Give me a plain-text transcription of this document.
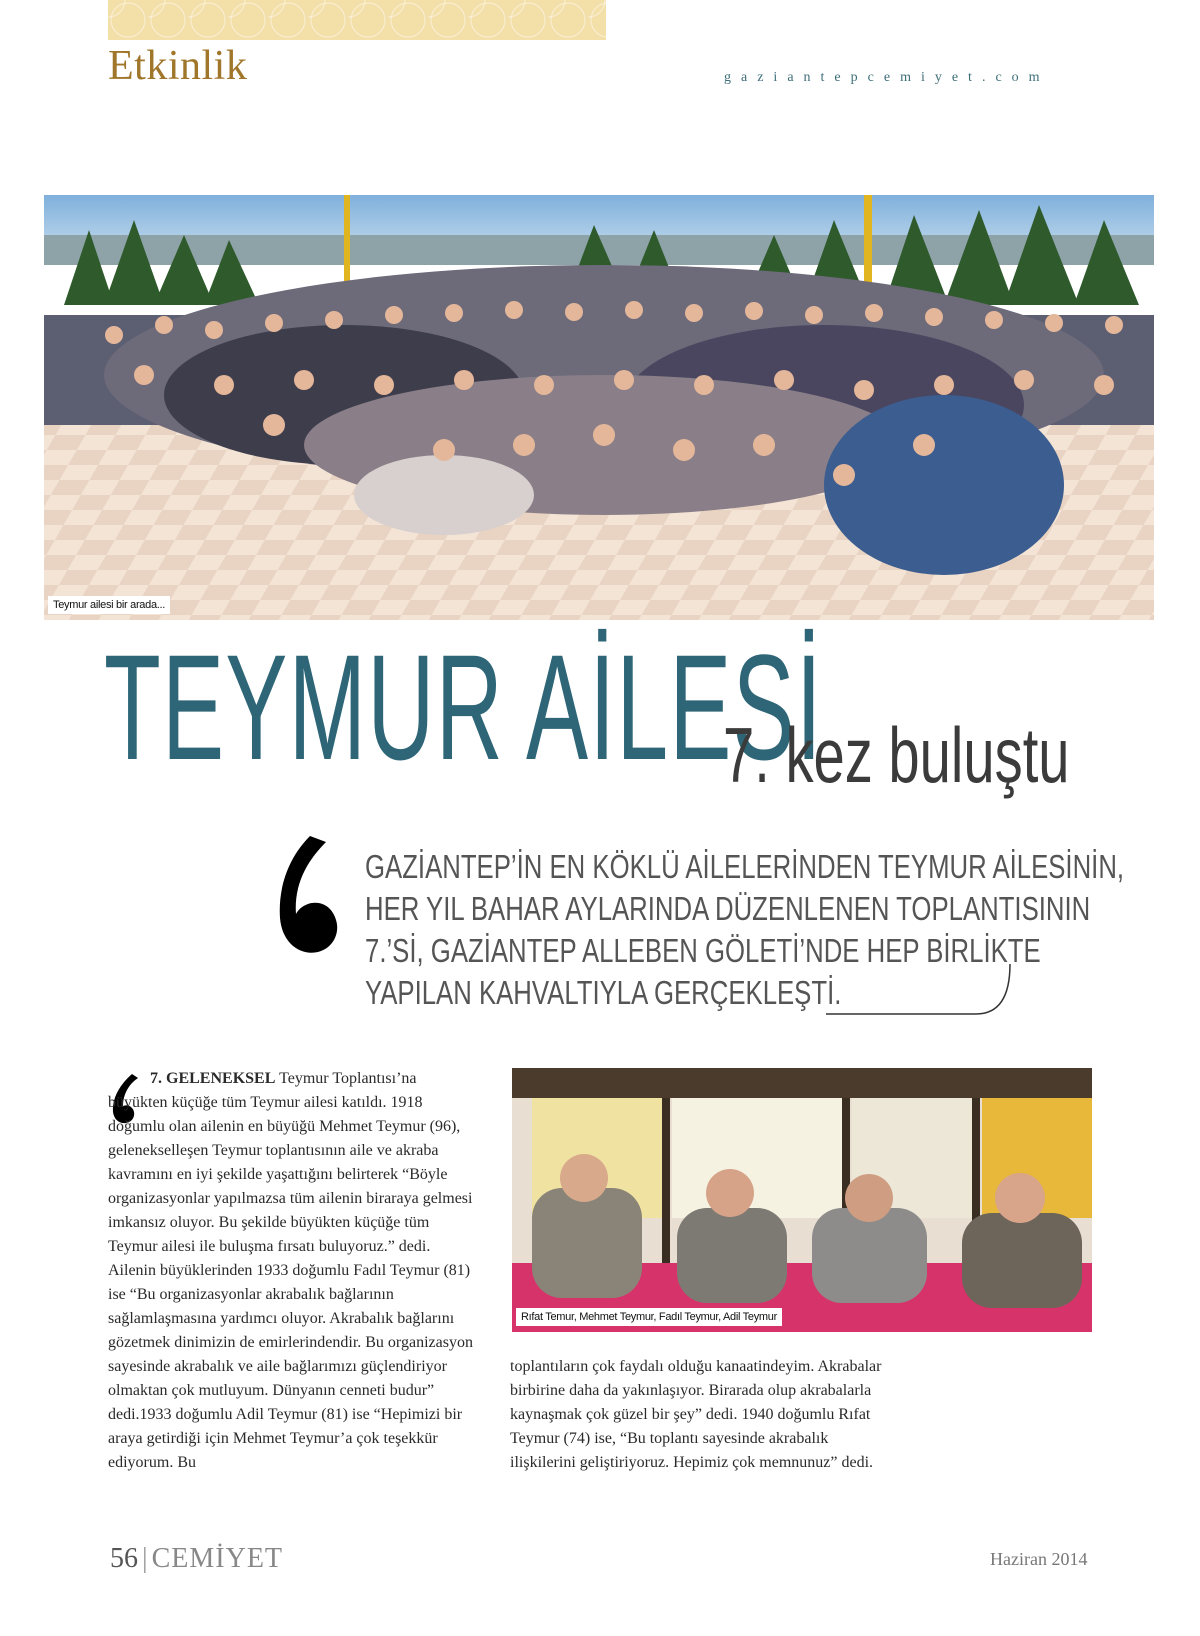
Etkinlik	gaziantepcemiyet.com
Teymur ailesi bir arada...
TEYMUR AİLESİ
7. kez buluştu
GAZİANTEP’İN EN KÖKLÜ AİLELERİNDEN TEYMUR AİLESİNİN,
HER YIL BAHAR AYLARINDA DÜZENLENEN TOPLANTISININ
7.’Sİ, GAZİANTEP ALLEBEN GÖLETİ’NDE HEP BİRLİKTE
YAPILAN KAHVALTIYLA GERÇEKLEŞTİ.

7. GELENEKSEL Teymur Toplantısı’na büyükten küçüğe tüm Teymur ailesi katıldı. 1918 doğumlu olan ailenin en büyüğü Mehmet Teymur (96), gelenekselleşen Teymur toplantısının aile ve akraba kavramını en iyi şekilde yaşattığını belirterek “Böyle organizasyonlar yapılmazsa tüm ailenin biraraya gelmesi imkansız oluyor. Bu şekilde büyükten küçüğe tüm Teymur ailesi ile buluşma fırsatı buluyoruz.” dedi. Ailenin büyüklerinden 1933 doğumlu Fadıl Teymur (81) ise “Bu organizasyonlar akrabalık bağlarının sağlamlaşmasına yardımcı oluyor. Akrabalık bağlarını gözetmek dinimizin de emirlerindendir. Bu organizasyon sayesinde akrabalık ve aile bağlarımızı güçlendiriyor olmaktan çok mutluyum. Dünyanın cenneti budur” dedi.1933 doğumlu Adil Teymur (81) ise “Hepimizi bir araya getirdiği için Mehmet Teymur’a çok teşekkür ediyorum. Bu

Rıfat Temur, Mehmet Teymur, Fadıl Teymur, Adil Teymur

toplantıların çok faydalı olduğu kanaatindeyim. Akrabalar birbirine daha da yakınlaşıyor. Birarada olup akrabalarla kaynaşmak çok güzel bir şey” dedi. 1940 doğumlu Rıfat Teymur (74) ise, “Bu toplantı sayesinde akrabalık ilişkilerini geliştiriyoruz. Hepimiz çok memnunuz” dedi.

56 | CEMİYET	Haziran 2014
